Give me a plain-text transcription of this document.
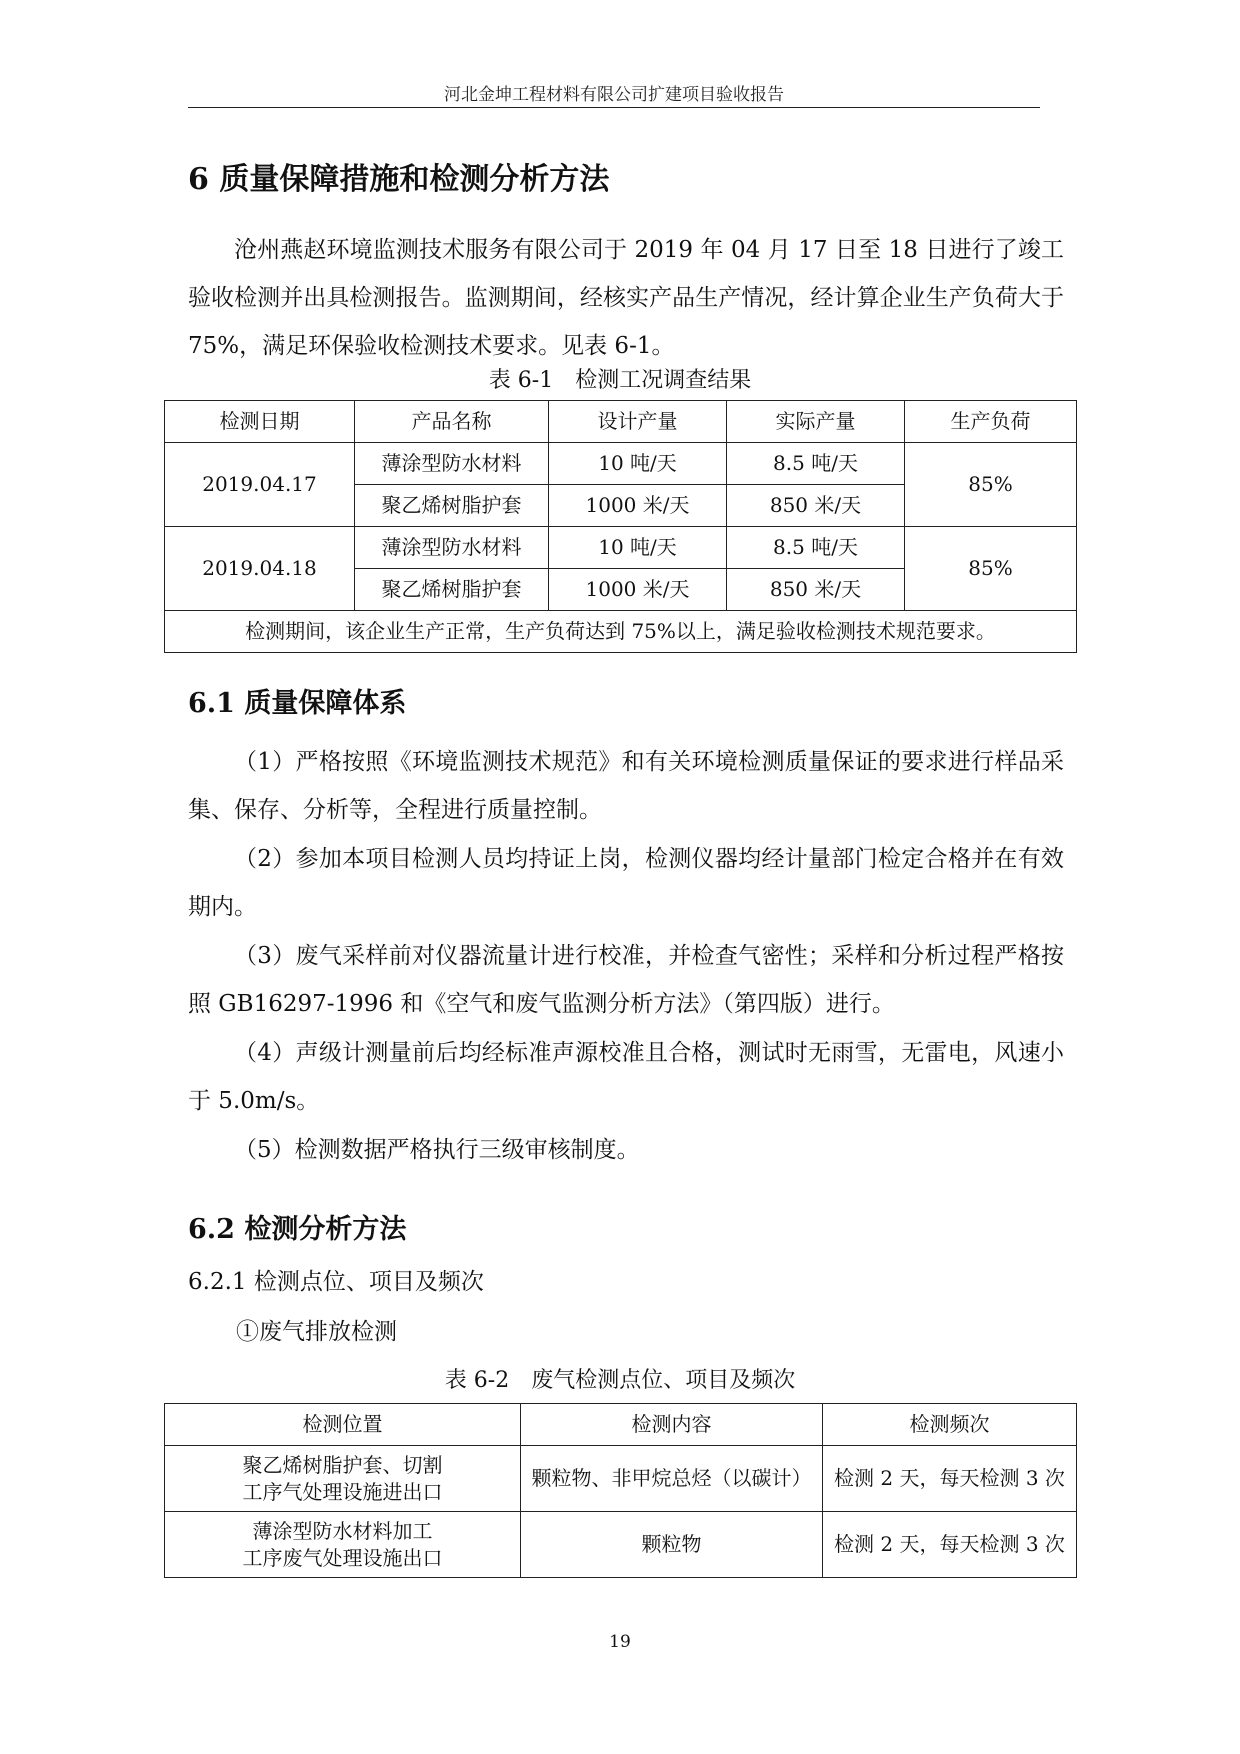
河北金坤工程材料有限公司扩建项目验收报告
6 质量保障措施和检测分析方法

沧州燕赵环境监测技术服务有限公司于 2019 年 04 月 17 日至 18 日进行了竣工验收检测并出具检测报告。监测期间，经核实产品生产情况，经计算企业生产负荷大于 75%，满足环保验收检测技术要求。见表 6-1。

表 6-1　检测工况调查结果

检测日期	产品名称	设计产量	实际产量	生产负荷
2019.04.17	薄涂型防水材料	10 吨/天	8.5 吨/天	85%
	聚乙烯树脂护套	1000 米/天	850 米/天	
2019.04.18	薄涂型防水材料	10 吨/天	8.5 吨/天	85%
	聚乙烯树脂护套	1000 米/天	850 米/天	
检测期间，该企业生产正常，生产负荷达到 75%以上，满足验收检测技术规范要求。				
6.1 质量保障体系

（1）严格按照《环境监测技术规范》和有关环境检测质量保证的要求进行样品采集、保存、分析等，全程进行质量控制。

（2）参加本项目检测人员均持证上岗，检测仪器均经计量部门检定合格并在有效期内。

（3）废气采样前对仪器流量计进行校准，并检查气密性；采样和分析过程严格按照 GB16297-1996 和《空气和废气监测分析方法》（第四版）进行。

（4）声级计测量前后均经标准声源校准且合格，测试时无雨雪，无雷电，风速小于 5.0m/s。

（5）检测数据严格执行三级审核制度。

6.2 检测分析方法

6.2.1 检测点位、项目及频次

①废气排放检测

表 6-2　废气检测点位、项目及频次

检测位置	检测内容	检测频次

聚乙烯树脂护套、切割
工序气处理设施进出口	颗粒物、非甲烷总烃（以碳计）	检测 2 天，每天检测 3 次

薄涂型防水材料加工
工序废气处理设施出口	颗粒物	检测 2 天，每天检测 3 次
19
